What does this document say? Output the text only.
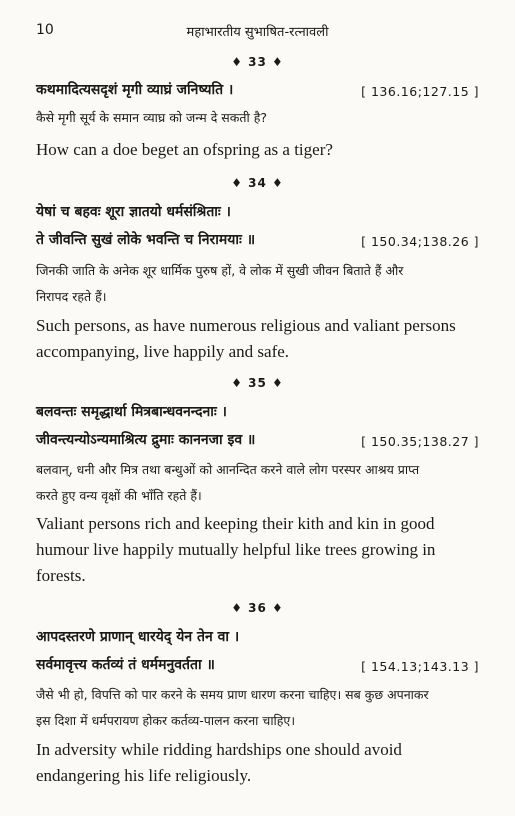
10	महाभारतीय सुभाषित-रत्नावली
♦ 33 ♦
कथमादित्यसदृशं मृगी व्याघ्रं जनिष्यति ।	[ 136.16;127.15 ]
कैसे मृगी सूर्य के समान व्याघ्र को जन्म दे सकती है?
How can a doe beget an ofspring as a tiger?
♦ 34 ♦
येषां च बहवः शूरा ज्ञातयो धर्मसंश्रिताः ।
ते जीवन्ति सुखं लोके भवन्ति च निरामयाः ॥	[ 150.34;138.26 ]
जिनकी जाति के अनेक शूर धार्मिक पुरुष हों, वे लोक में सुखी जीवन बिताते हैं और
निरापद रहते हैं।
Such persons, as have numerous religious and valiant persons
accompanying, live happily and safe.
♦ 35 ♦
बलवन्तः समृद्धार्था मित्रबान्धवनन्दनाः ।
जीवन्त्यन्योऽन्यमाश्रित्य द्रुमाः काननजा इव ॥	[ 150.35;138.27 ]
बलवान्, धनी और मित्र तथा बन्धुओं को आनन्दित करने वाले लोग परस्पर आश्रय प्राप्त
करते हुए वन्य वृक्षों की भाँति रहते हैं।
Valiant persons rich and keeping their kith and kin in good
humour live happily mutually helpful like trees growing in
forests.
♦ 36 ♦
आपदस्तरणे प्राणान् धारयेद् येन तेन वा ।
सर्वमावृत्त्य कर्तव्यं तं धर्ममनुवर्तता ॥	[ 154.13;143.13 ]
जैसे भी हो, विपत्ति को पार करने के समय प्राण धारण करना चाहिए। सब कुछ अपनाकर
इस दिशा में धर्मपरायण होकर कर्तव्य-पालन करना चाहिए।
In adversity while ridding hardships one should avoid
endangering his life religiously.
